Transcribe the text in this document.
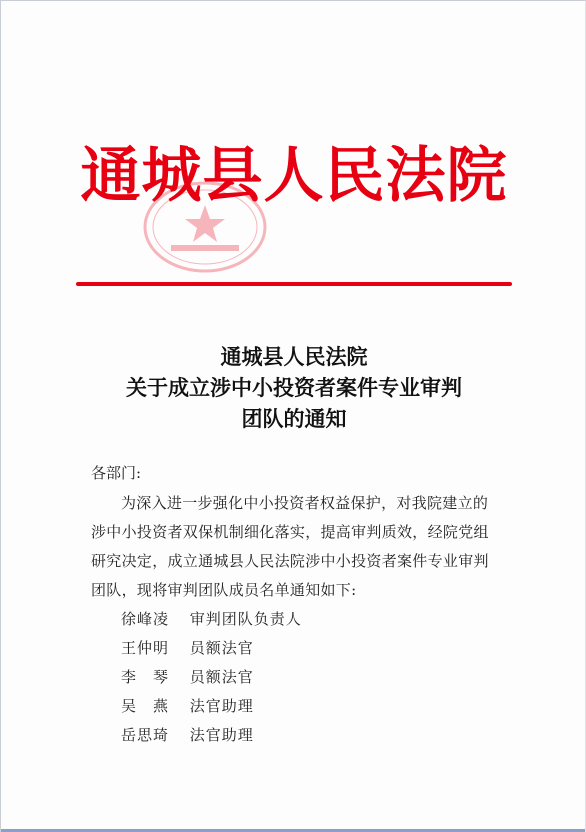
通城县人民法院
通城县人民法院
关于成立涉中小投资者案件专业审判
团队的通知
各部门:
为深入进一步强化中小投资者权益保护，对我院建立的
涉中小投资者双保机制细化落实，提高审判质效，经院党组
研究决定，成立通城县人民法院涉中小投资者案件专业审判
团队，现将审判团队成员名单通知如下:
徐峰凌 审判团队负责人
王仲明 员额法官
李　琴 员额法官
吴　燕 法官助理
岳思琦 法官助理
